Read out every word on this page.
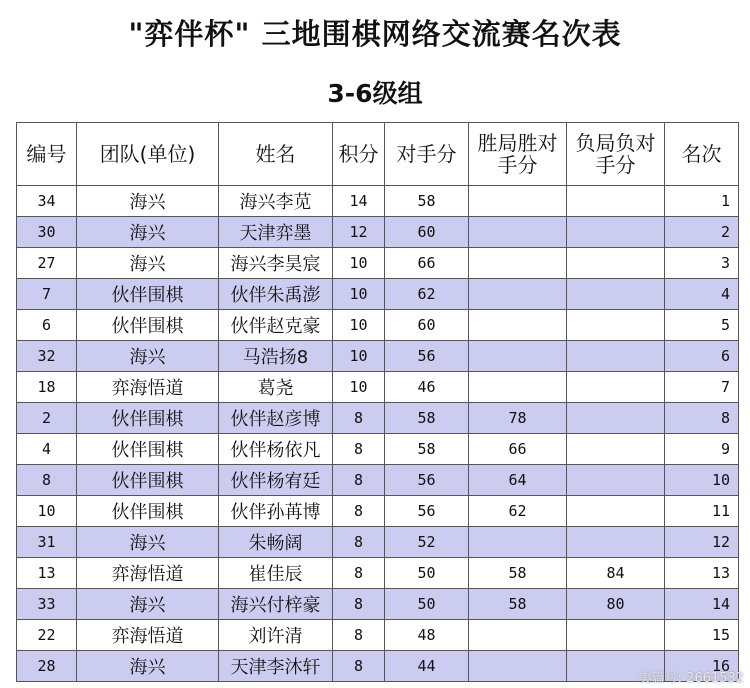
"弈伴杯" 三地围棋网络交流赛名次表
3-6级组
编号	团队(单位)	姓名	积分	对手分	胜局胜对手分	负局负对手分	名次
34	海兴	海兴李苋	14	58			1
30	海兴	天津弈墨	12	60			2
27	海兴	海兴李昊宸	10	66			3
7	伙伴围棋	伙伴朱禹澎	10	62			4
6	伙伴围棋	伙伴赵克豪	10	60			5
32	海兴	马浩扬8	10	56			6
18	弈海悟道	葛尧	10	46			7
2	伙伴围棋	伙伴赵彦博	8	58	78		8
4	伙伴围棋	伙伴杨依凡	8	58	66		9
8	伙伴围棋	伙伴杨宥廷	8	56	64		10
10	伙伴围棋	伙伴孙苒博	8	56	62		11
31	海兴	朱畅阔	8	52			12
13	弈海悟道	崔佳辰	8	50	58	84	13
33	海兴	海兴付梓豪	8	50	58	80	14
22	弈海悟道	刘许清	8	48			15
28	海兴	天津李沐轩	8	44			16
美篇号: 2661532
